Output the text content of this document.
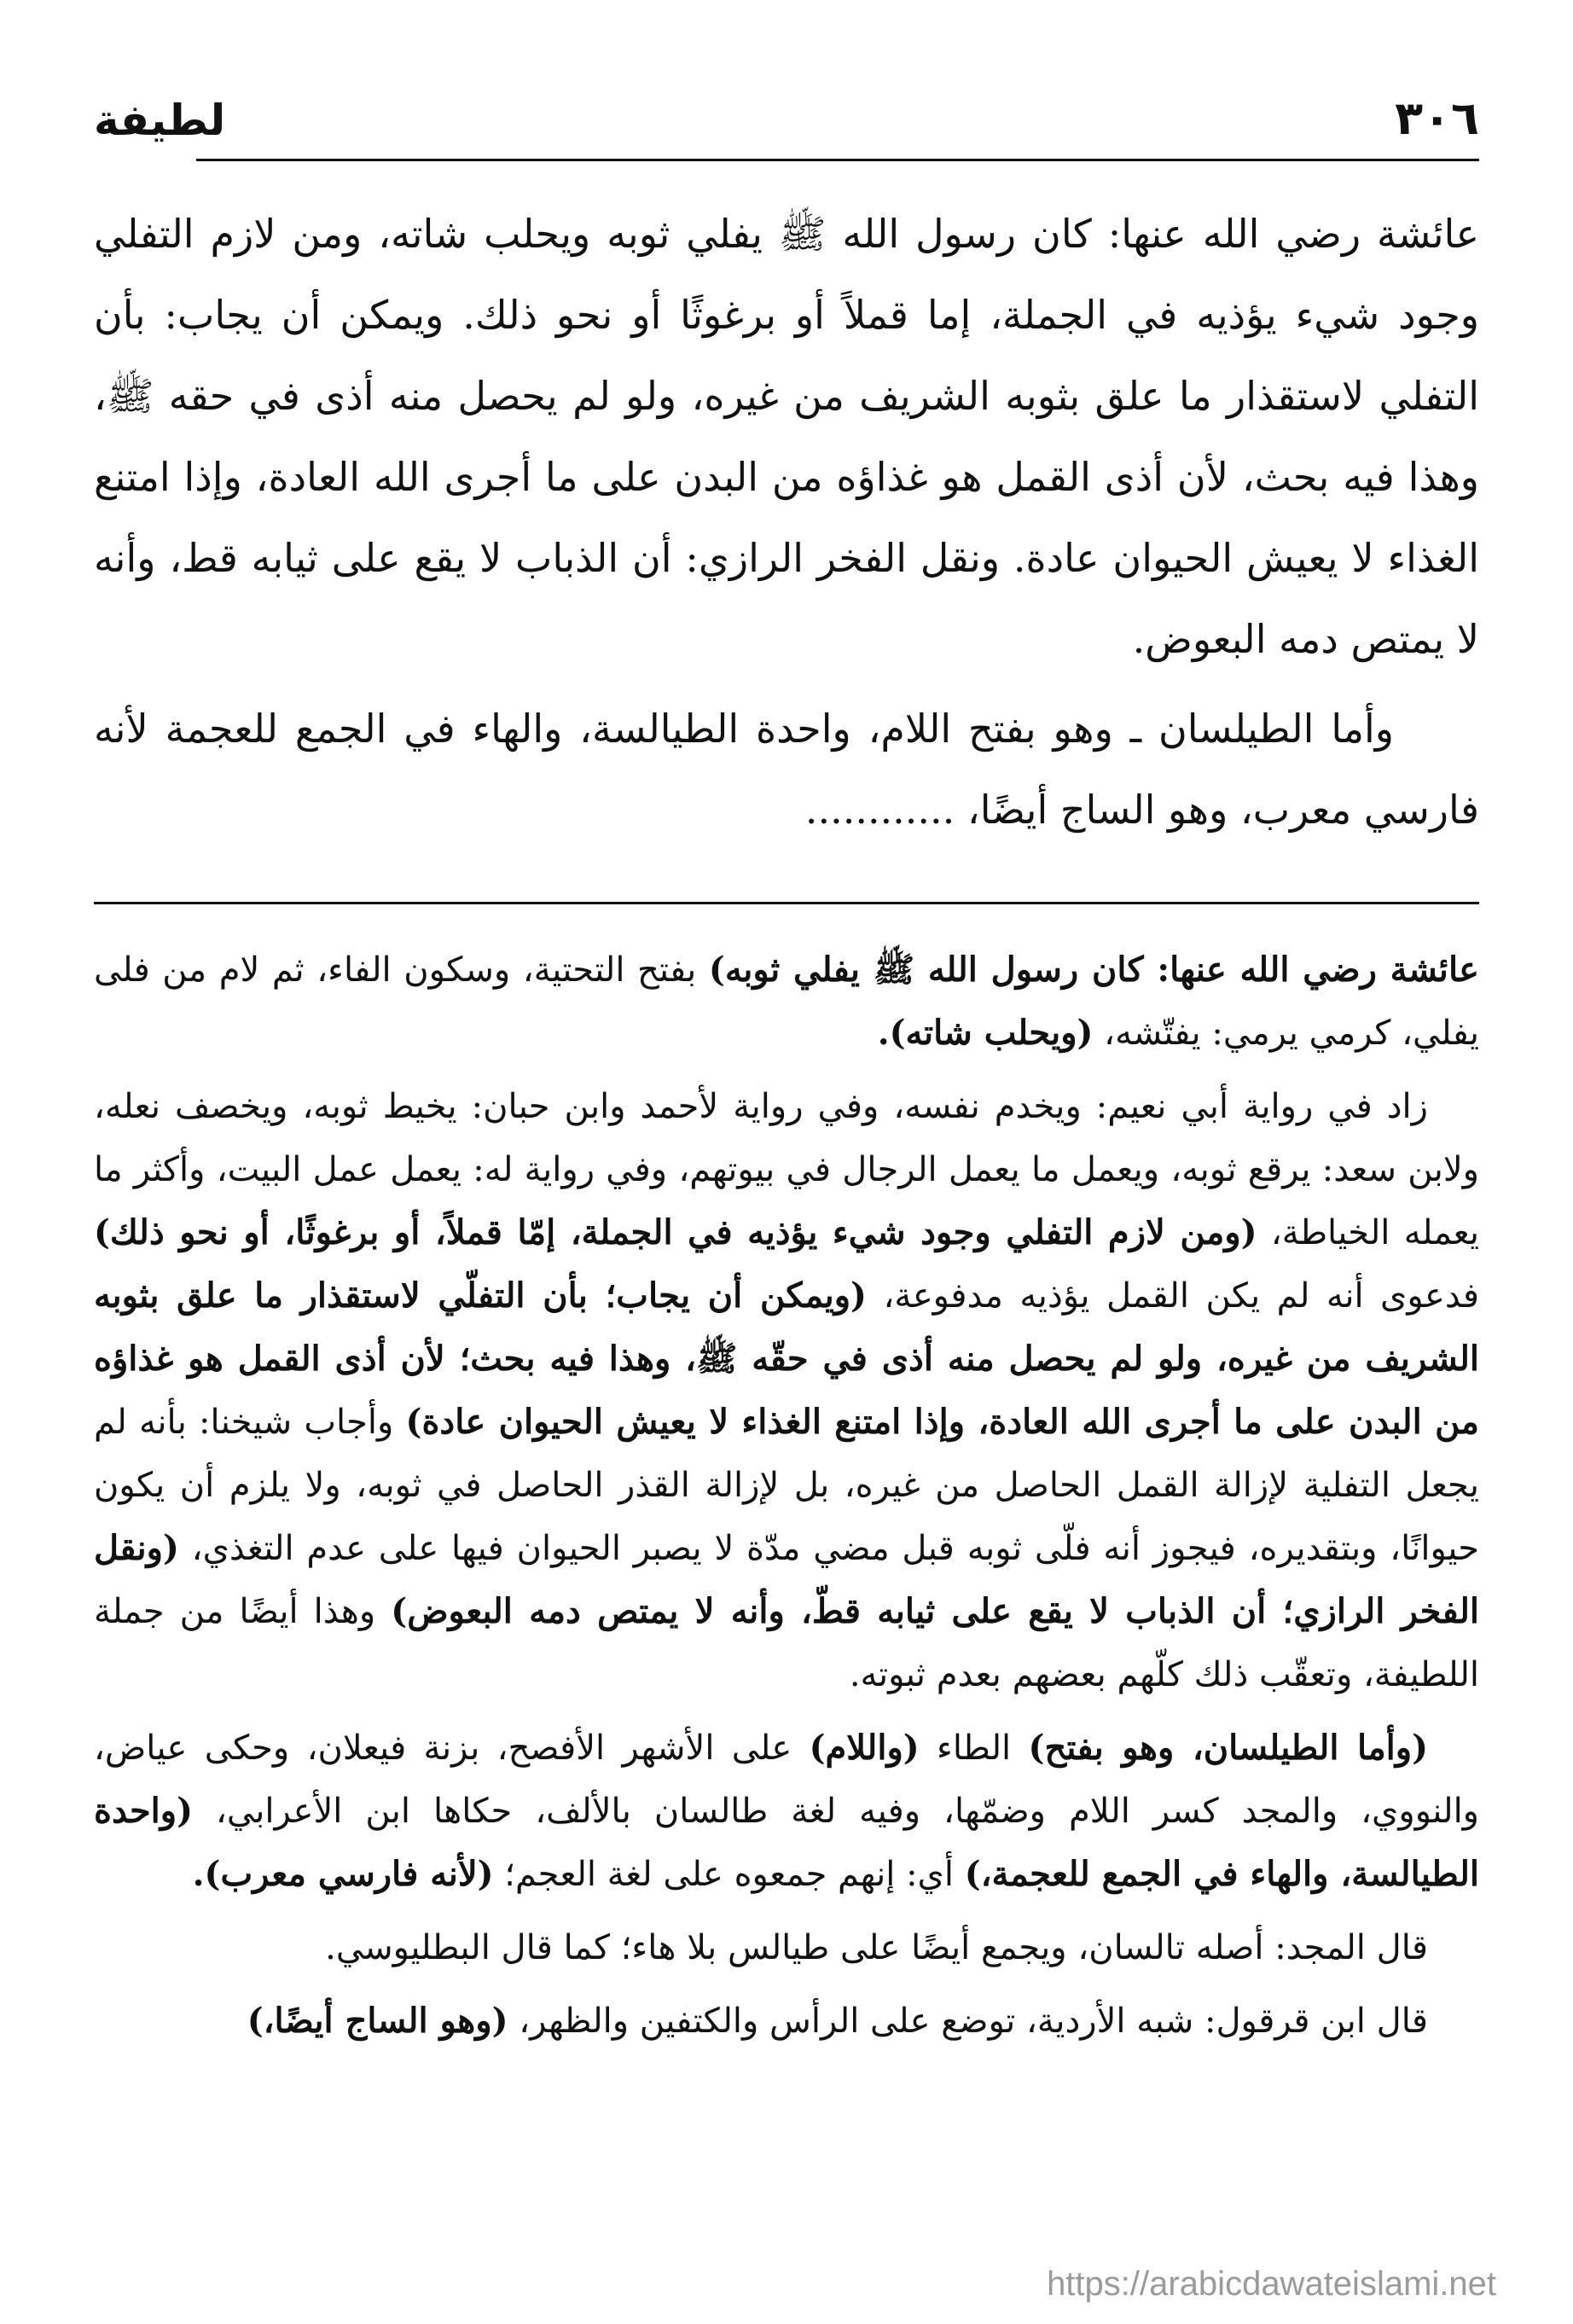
٣٠٦
لطيفة

عائشة رضي الله عنها: كان رسول الله ﷺ يفلي ثوبه ويحلب شاته، ومن لازم التفلي وجود شيء يؤذيه في الجملة، إما قملاً أو برغوثًا أو نحو ذلك. ويمكن أن يجاب: بأن التفلي لاستقذار ما علق بثوبه الشريف من غيره، ولو لم يحصل منه أذى في حقه ﷺ، وهذا فيه بحث، لأن أذى القمل هو غذاؤه من البدن على ما أجرى الله العادة، وإذا امتنع الغذاء لا يعيش الحيوان عادة. ونقل الفخر الرازي: أن الذباب لا يقع على ثيابه قط، وأنه لا يمتص دمه البعوض.

وأما الطيلسان ـ وهو بفتح اللام، واحدة الطيالسة، والهاء في الجمع للعجمة لأنه فارسي معرب، وهو الساج أيضًا، ............

عائشة رضي الله عنها: كان رسول الله ﷺ يفلي ثوبه) بفتح التحتية، وسكون الفاء، ثم لام من فلى يفلي، كرمي يرمي: يفتّشه، (ويحلب شاته).

زاد في رواية أبي نعيم: ويخدم نفسه، وفي رواية لأحمد وابن حبان: يخيط ثوبه، ويخصف نعله، ولابن سعد: يرقع ثوبه، ويعمل ما يعمل الرجال في بيوتهم، وفي رواية له: يعمل عمل البيت، وأكثر ما يعمله الخياطة، (ومن لازم التفلي وجود شيء يؤذيه في الجملة، إمّا قملاً، أو برغوثًا، أو نحو ذلك) فدعوى أنه لم يكن القمل يؤذيه مدفوعة، (ويمكن أن يجاب؛ بأن التفلّي لاستقذار ما علق بثوبه الشريف من غيره، ولو لم يحصل منه أذى في حقّه ﷺ، وهذا فيه بحث؛ لأن أذى القمل هو غذاؤه من البدن على ما أجرى الله العادة، وإذا امتنع الغذاء لا يعيش الحيوان عادة) وأجاب شيخنا: بأنه لم يجعل التفلية لإزالة القمل الحاصل من غيره، بل لإزالة القذر الحاصل في ثوبه، ولا يلزم أن يكون حيوانًا، وبتقديره، فيجوز أنه فلّى ثوبه قبل مضي مدّة لا يصبر الحيوان فيها على عدم التغذي، (ونقل الفخر الرازي؛ أن الذباب لا يقع على ثيابه قطّ، وأنه لا يمتص دمه البعوض) وهذا أيضًا من جملة اللطيفة، وتعقّب ذلك كلّهم بعضهم بعدم ثبوته.

(وأما الطيلسان، وهو بفتح) الطاء (واللام) على الأشهر الأفصح، بزنة فيعلان، وحكى عياض، والنووي، والمجد كسر اللام وضمّها، وفيه لغة طالسان بالألف، حكاها ابن الأعرابي، (واحدة الطيالسة، والهاء في الجمع للعجمة،) أي: إنهم جمعوه على لغة العجم؛ (لأنه فارسي معرب).

قال المجد: أصله تالسان، ويجمع أيضًا على طيالس بلا هاء؛ كما قال البطليوسي.

قال ابن قرقول: شبه الأردية، توضع على الرأس والكتفين والظهر، (وهو الساج أيضًا،)

https://arabicdawateislami.net
